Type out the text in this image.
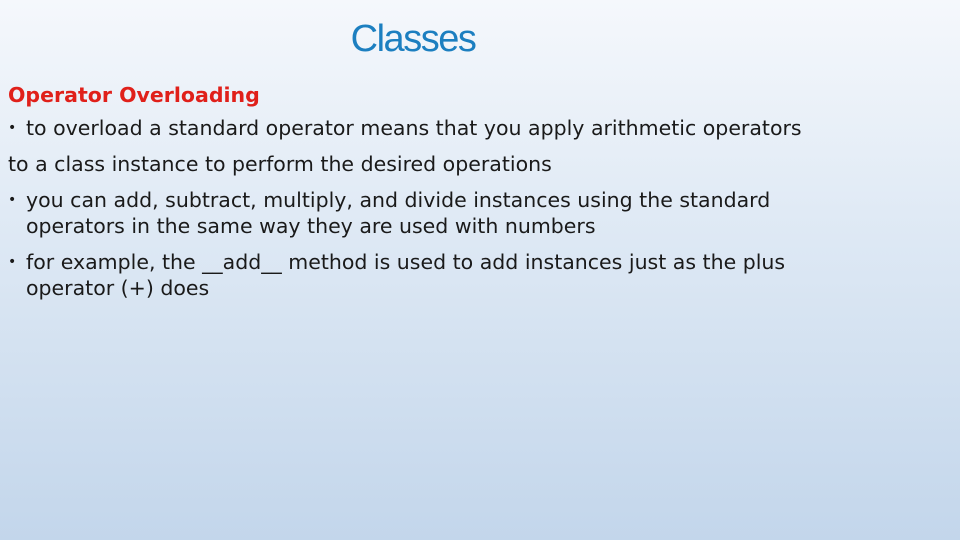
Classes
Operator Overloading
• to overload a standard operator means that you apply arithmetic operators
to a class instance to perform the desired operations
• you can add, subtract, multiply, and divide instances using the standard
operators in the same way they are used with numbers
• for example, the __add__ method is used to add instances just as the plus
operator (+) does
